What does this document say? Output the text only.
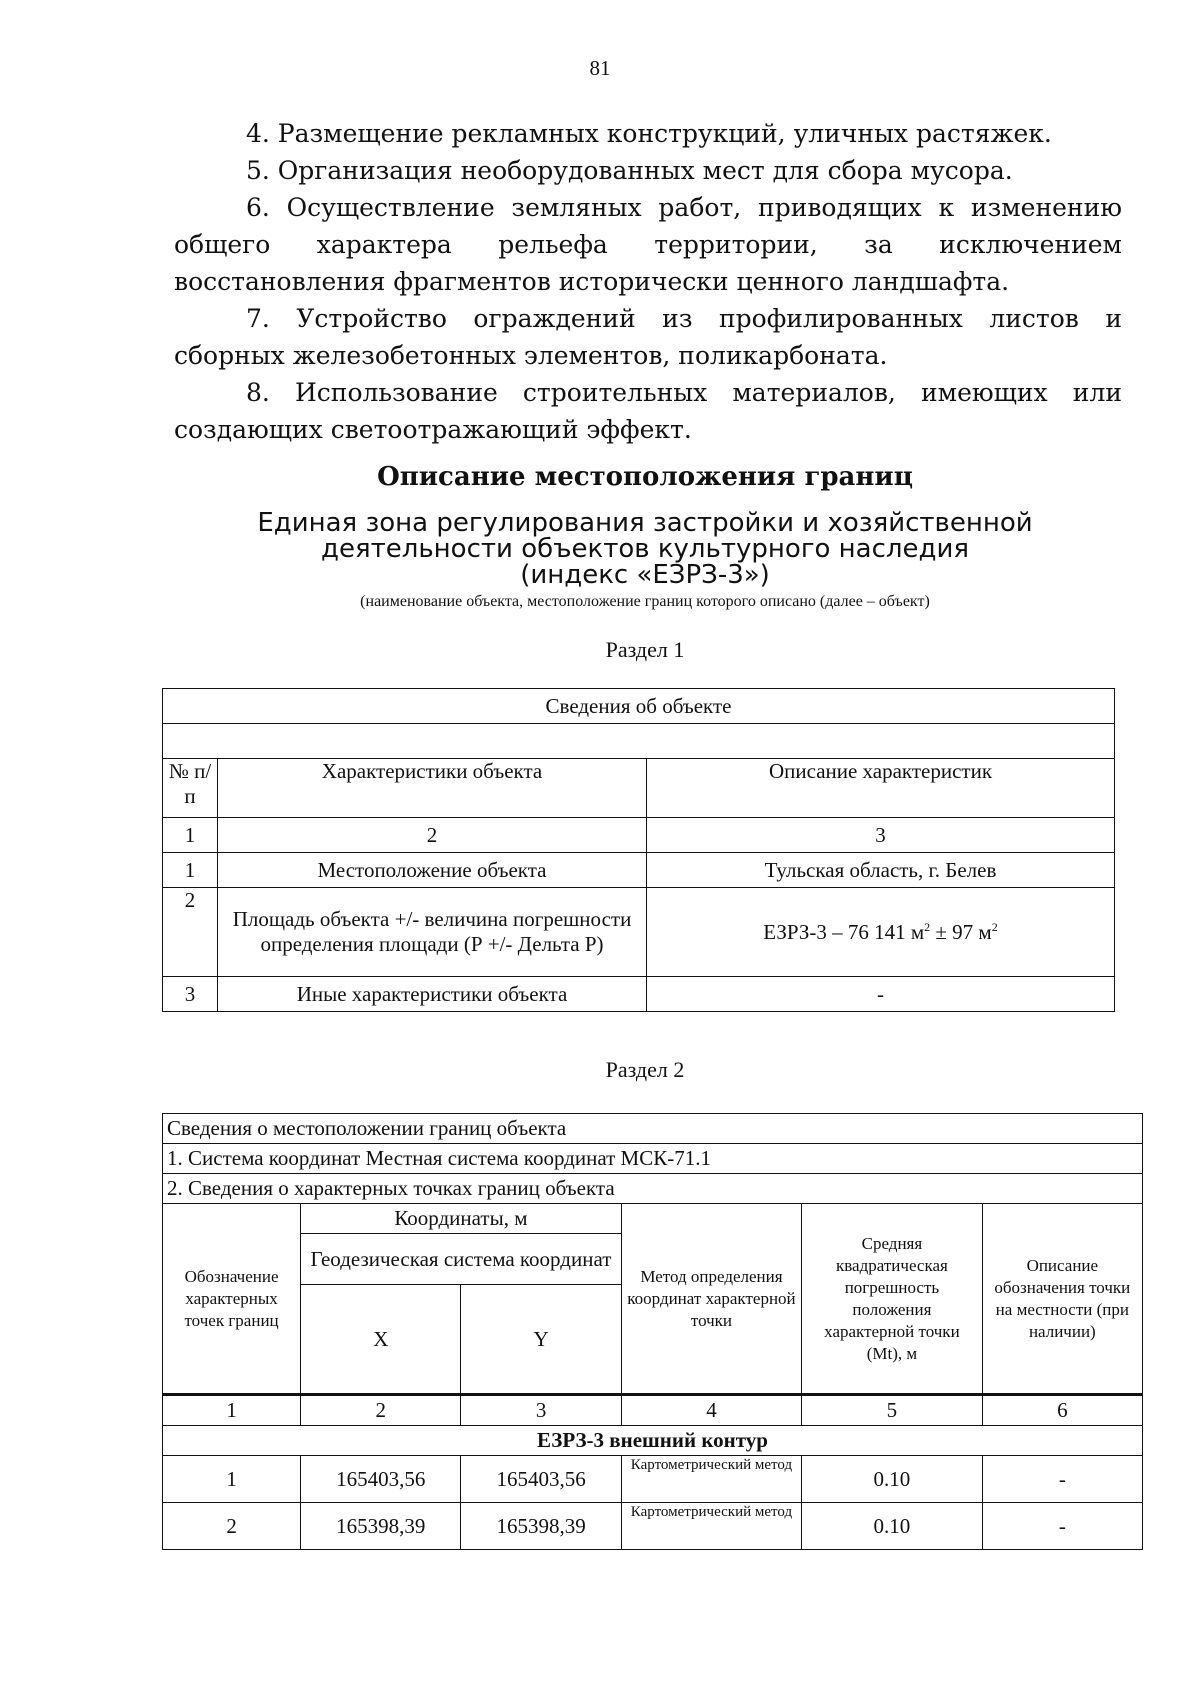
81

4. Размещение рекламных конструкций, уличных растяжек.

5. Организация необорудованных мест для сбора мусора.

6. Осуществление земляных работ, приводящих к изменению общего характера рельефа территории, за исключением восстановления фрагментов исторически ценного ландшафта.

7. Устройство ограждений из профилированных листов и сборных железобетонных элементов, поликарбоната.

8. Использование строительных материалов, имеющих или создающих светоотражающий эффект.

Описание местоположения границ
Единая зона регулирования застройки и хозяйственной
деятельности объектов культурного наследия
(индекс «ЕЗРЗ-3»)
(наименование объекта, местоположение границ которого описано (далее – объект)
Раздел 1
Сведения об объекте		

№ п/п	Характеристики объекта	Описание характеристик
1	2	3
1	Местоположение объекта	Тульская область, г. Белев
2	Площадь объекта +/- величина погрешности определения площади (Р +/- Дельта Р)	ЕЗРЗ-3 – 76 141 $м^2 \pm 97$ $м^2$
3	Иные характеристики объекта	-
Раздел 2
Сведения о местоположении границ объекта					
1. Система координат Местная система координат МСК-71.1					
2. Сведения о характерных точках границ объекта					
Обозначение характерных точек границ	Координаты, м		Метод определения координат характерной точки	Средняя квадратическая погрешность положения характерной точки (Mt), м	Описание обозначения точки на местности (при наличии)
	Геодезическая система координат				
	X	Y			
1	2	3	4	5	6
ЕЗРЗ-3 внешний контур					
1	165403,56	165403,56	Картометрический метод	0.10	-
2	165398,39	165398,39	Картометрический метод	0.10	-
